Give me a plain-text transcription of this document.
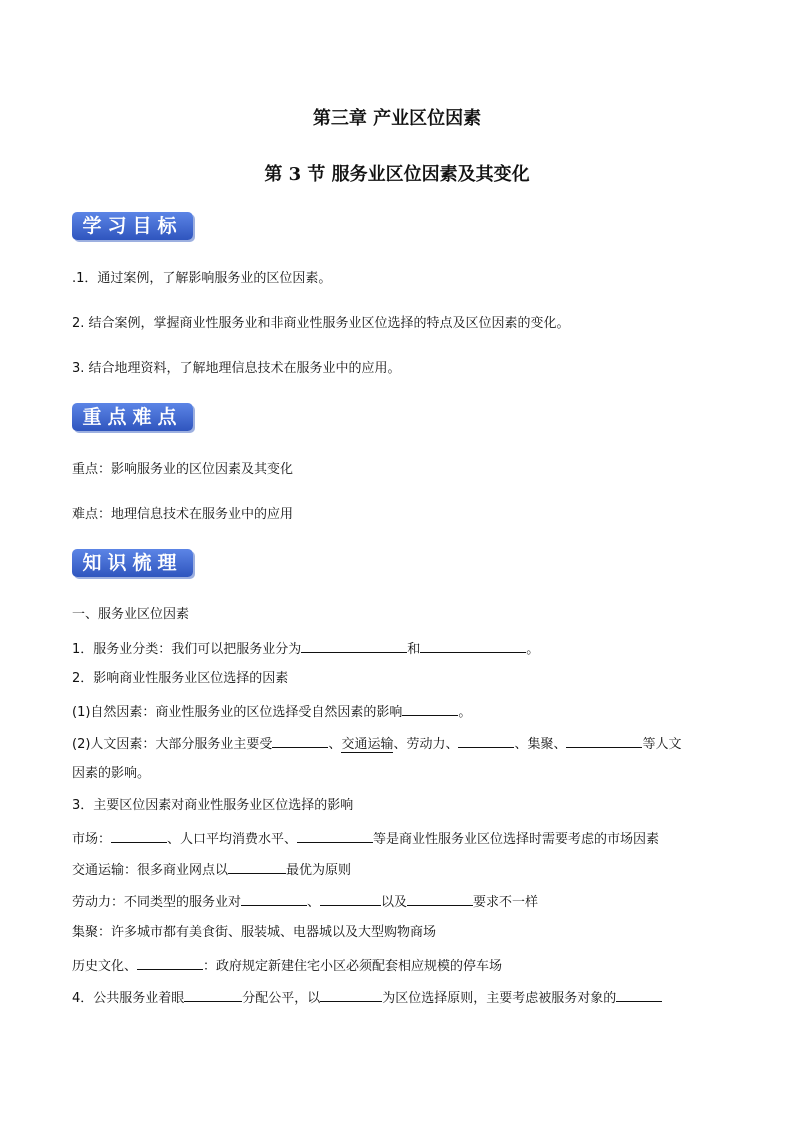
第三章 产业区位因素
第 3 节 服务业区位因素及其变化
学习目标
.1．通过案例，了解影响服务业的区位因素。
2. 结合案例，掌握商业性服务业和非商业性服务业区位选择的特点及区位因素的变化。
3. 结合地理资料，了解地理信息技术在服务业中的应用。
重点难点
重点：影响服务业的区位因素及其变化
难点：地理信息技术在服务业中的应用
知识梳理
一、服务业区位因素
1．服务业分类：我们可以把服务业分为	和	。
2．影响商业性服务业区位选择的因素
(1)自然因素：商业性服务业的区位选择受自然因素的影响	。
(2)人文因素：大部分服务业主要受	、交通运输、劳动力、	、集聚、	等人文
因素的影响。
3．主要区位因素对商业性服务业区位选择的影响
市场：	、人口平均消费水平、	等是商业性服务业区位选择时需要考虑的市场因素
交通运输：很多商业网点以	最优为原则
劳动力：不同类型的服务业对	、	以及	要求不一样
集聚：许多城市都有美食街、服装城、电器城以及大型购物商场
历史文化、	：政府规定新建住宅小区必须配套相应规模的停车场
4．公共服务业着眼	分配公平，以	为区位选择原则，主要考虑被服务对象的
